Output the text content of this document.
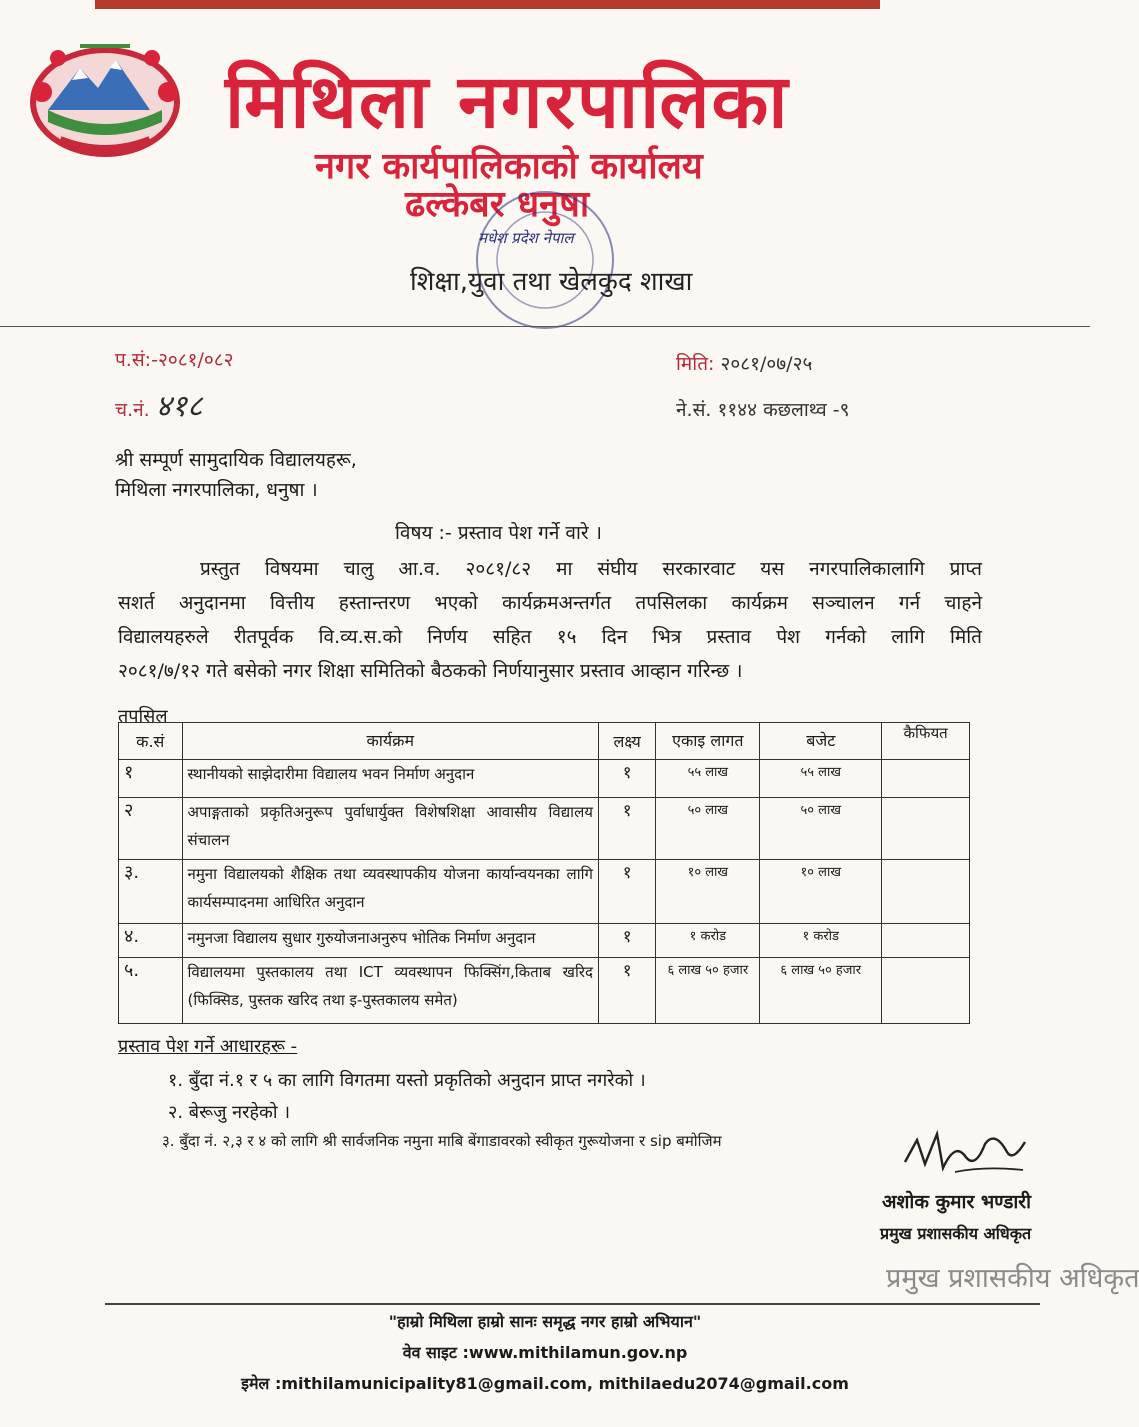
मिथिला नगरपालिका
नगर कार्यपालिकाको कार्यालय
ढल्केबर धनुषा
मधेश प्रदेश नेपाल
शिक्षा,युवा तथा खेलकुद शाखा
प.सं:-२०८१/०८२
च.नं. ४१८
मिति: २०८१/०७/२५
ने.सं. ११४४ कछलाथ्व -९
श्री सम्पूर्ण सामुदायिक विद्यालयहरू,
मिथिला नगरपालिका, धनुषा ।
विषय :- प्रस्ताव पेश गर्ने वारे ।

प्रस्तुत विषयमा चालु आ.व. २०८१/८२ मा संघीय सरकारवाट यस नगरपालिकालागि प्राप्त

सशर्त अनुदानमा वित्तीय हस्तान्तरण भएको कार्यक्रमअन्तर्गत तपसिलका कार्यक्रम सञ्चालन गर्न चाहने

विद्यालयहरुले रीतपूर्वक वि.व्य.स.को निर्णय सहित १५ दिन भित्र प्रस्ताव पेश गर्नको लागि मिति

२०८१/७/१२ गते बसेको नगर शिक्षा समितिको बैठकको निर्णयानुसार प्रस्ताव आव्हान गरिन्छ ।

तपसिल
क.सं	कार्यक्रम	लक्ष्य	एकाइ लागत	बजेट	कैफियत
१	स्थानीयको साझेदारीमा विद्यालय भवन निर्माण अनुदान	१	५५ लाख	५५ लाख	
२	अपाङ्गताको प्रकृतिअनुरूप पुर्वाधार्युक्त विशेषशिक्षा आवासीय विद्यालय संचालन	१	५० लाख	५० लाख	
३.	नमुना विद्यालयको शैक्षिक तथा व्यवस्थापकीय योजना कार्यान्वयनका लागि कार्यसम्पादनमा आधिरित अनुदान	१	१० लाख	१० लाख	
४.	नमुनजा विद्यालय सुधार गुरुयोजनाअनुरुप भोतिक निर्माण अनुदान	१	१ करोड	१ करोड	
५.	विद्यालयमा पुस्तकालय तथा ICT व्यवस्थापन फिक्सिंग,किताब खरिद (फिक्सिड, पुस्तक खरिद तथा इ-पुस्तकालय समेत)	१	६ लाख ५० हजार	६ लाख ५० हजार	
प्रस्ताव पेश गर्ने आधारहरू -
१. बुँदा नं.१ र ५ का लागि विगतमा यस्तो प्रकृतिको अनुदान प्राप्त नगरेको ।
२. बेरूजु नरहेको ।
३. बुँदा नं. २,३ र ४ को लागि श्री सार्वजनिक नमुना माबि बेंगाडावरको स्वीकृत गुरूयोजना र sip बमोजिम
अशोक कुमार भण्डारी
प्रमुख प्रशासकीय अधिकृत
प्रमुख प्रशासकीय अधिकृत
"हाम्रो मिथिला हाम्रो सानः समृद्ध नगर हाम्रो अभियान"
वेव साइट :www.mithilamun.gov.np
इमेल :mithilamunicipality81@gmail.com, mithilaedu2074@gmail.com
